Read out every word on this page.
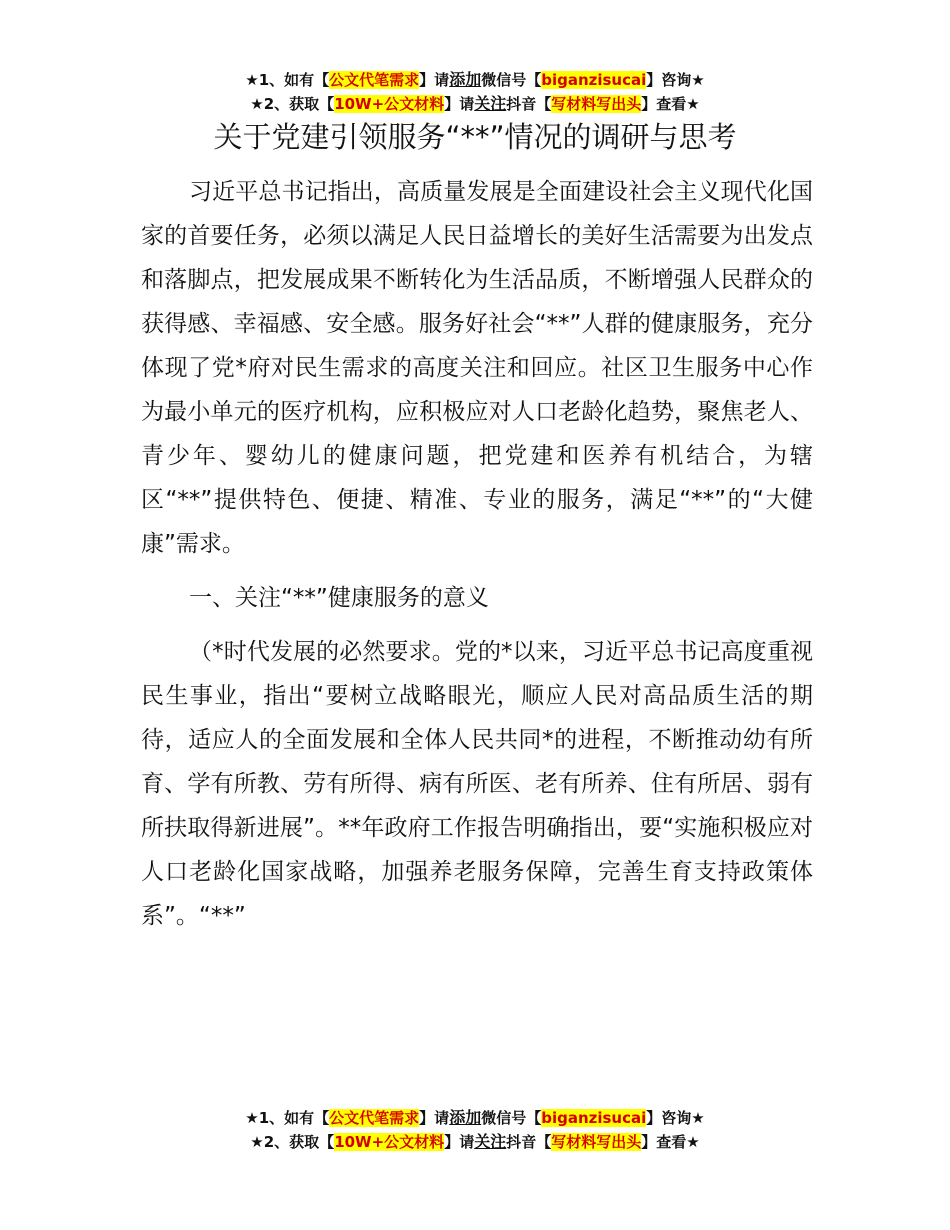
★1、如有【公文代笔需求】请添加微信号【biganzisucai】咨询★
★2、获取【10W+公文材料】请关注抖音【写材料写出头】查看★
关于党建引领服务“**”情况的调研与思考

习近平总书记指出，高质量发展是全面建设社会主义现代化国家的首要任务，必须以满足人民日益增长的美好生活需要为出发点和落脚点，把发展成果不断转化为生活品质，不断增强人民群众的获得感、幸福感、安全感。服务好社会“**”人群的健康服务，充分体现了党*府对民生需求的高度关注和回应。社区卫生服务中心作为最小单元的医疗机构，应积极应对人口老龄化趋势，聚焦老人、青少年、婴幼儿的健康问题，把党建和医养有机结合，为辖区“**”提供特色、便捷、精准、专业的服务，满足“**”的“大健康”需求。

一、关注“**”健康服务的意义

（*时代发展的必然要求。党的*以来，习近平总书记高度重视民生事业，指出“要树立战略眼光，顺应人民对高品质生活的期待，适应人的全面发展和全体人民共同*的进程，不断推动幼有所育、学有所教、劳有所得、病有所医、老有所养、住有所居、弱有所扶取得新进展”。**年政府工作报告明确指出，要“实施积极应对人口老龄化国家战略，加强养老服务保障，完善生育支持政策体系”。“**”

★1、如有【公文代笔需求】请添加微信号【biganzisucai】咨询★
★2、获取【10W+公文材料】请关注抖音【写材料写出头】查看★
